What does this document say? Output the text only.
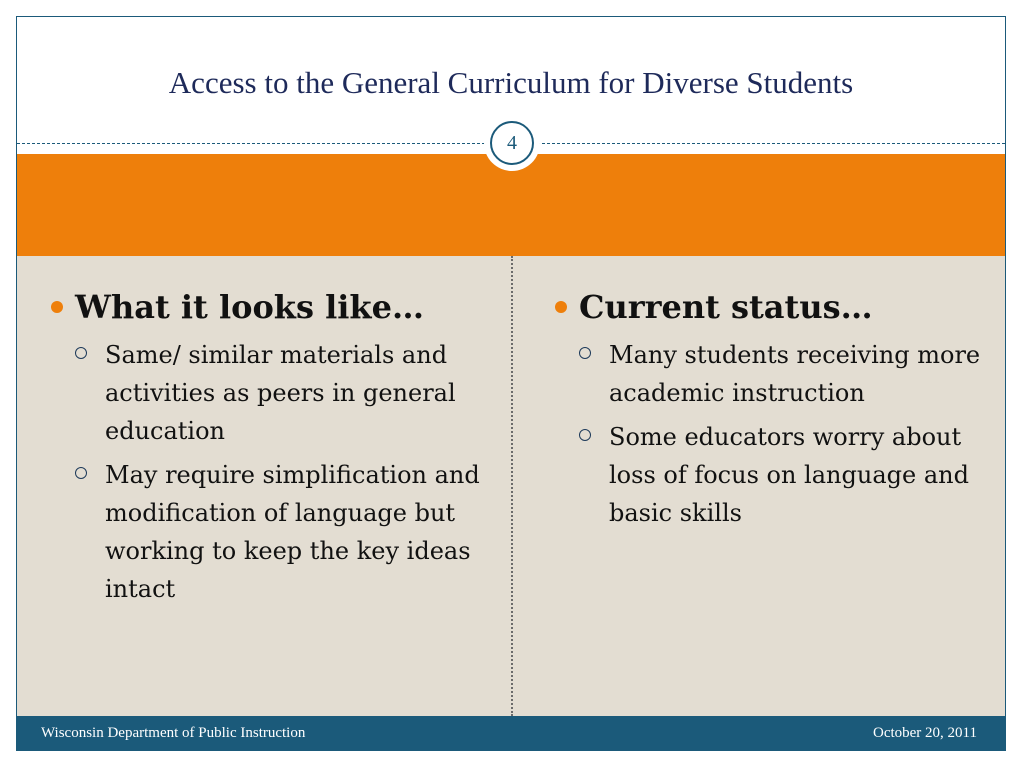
Access to the General Curriculum for Diverse Students
4
What it looks like…
Same/ similar materials and activities as peers in general education
May require simplification and modification of language but working to keep the key ideas intact
Current status…
Many students receiving more academic instruction
Some educators worry about loss of focus on language and basic skills
Wisconsin Department of Public Instruction	October 20, 2011
